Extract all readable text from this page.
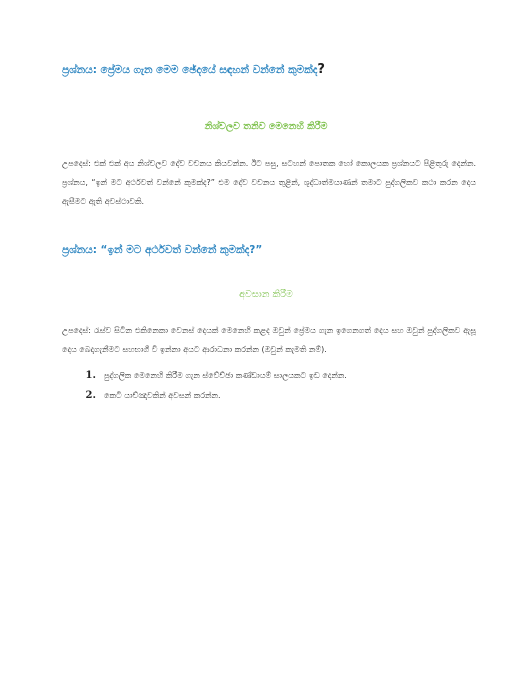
ප්‍රශ්නය: ප්‍රේමය ගැන මෙම ඡේදයේ සඳහන් වන්නේ කුමක්ද?
නිශ්චලව තනිව මෙනෙහි කිරීම

උපදෙස්: එක් එක් අය නිශ්චලව දේව වචනය කියවන්න. ඊට පසු, සටහන් පොතක හෝ කොලයක ප්‍රශ්නයට පිළිතුරු දෙන්න. ප්‍රශ්නය, “ඉන් මට අර්ථවත් වන්නේ කුමක්ද?” එම දේව වචනය තුළින්, ශුද්ධාත්මයාණන් තමාට පුද්ගලිකව කථා කරන දෙය ඇසීමට ඇති අවස්ථාවකි.

ප්‍රශ්නය: “ඉන් මට අර්ථවත් වන්නේ කුමක්ද?”
අවසාන කිරීම

උපදෙස්: රැස්ව සිටින එකිනෙකා වෙනස් දෙයක් මෙනෙහි කළද ඔවුන් ප්‍රේමය ගැන ඉගෙනගත් දෙය සහ ඔවුන් පුද්ගලිකව ඇසූ දෙය බෙදාගැනීමට සහභාගී වී ඉන්නා අයට ආරාධනා කරන්න (ඔවුන් කැමති නම්).

1. පුද්ගලික මෙනෙහි කිරීම ගැන ස්වේච්ඡා කණ්ඩායම් සාලයකට ඉඩ දෙන්න.
2. කෙටි යාච්ඤාවකින් අවසන් කරන්න.
